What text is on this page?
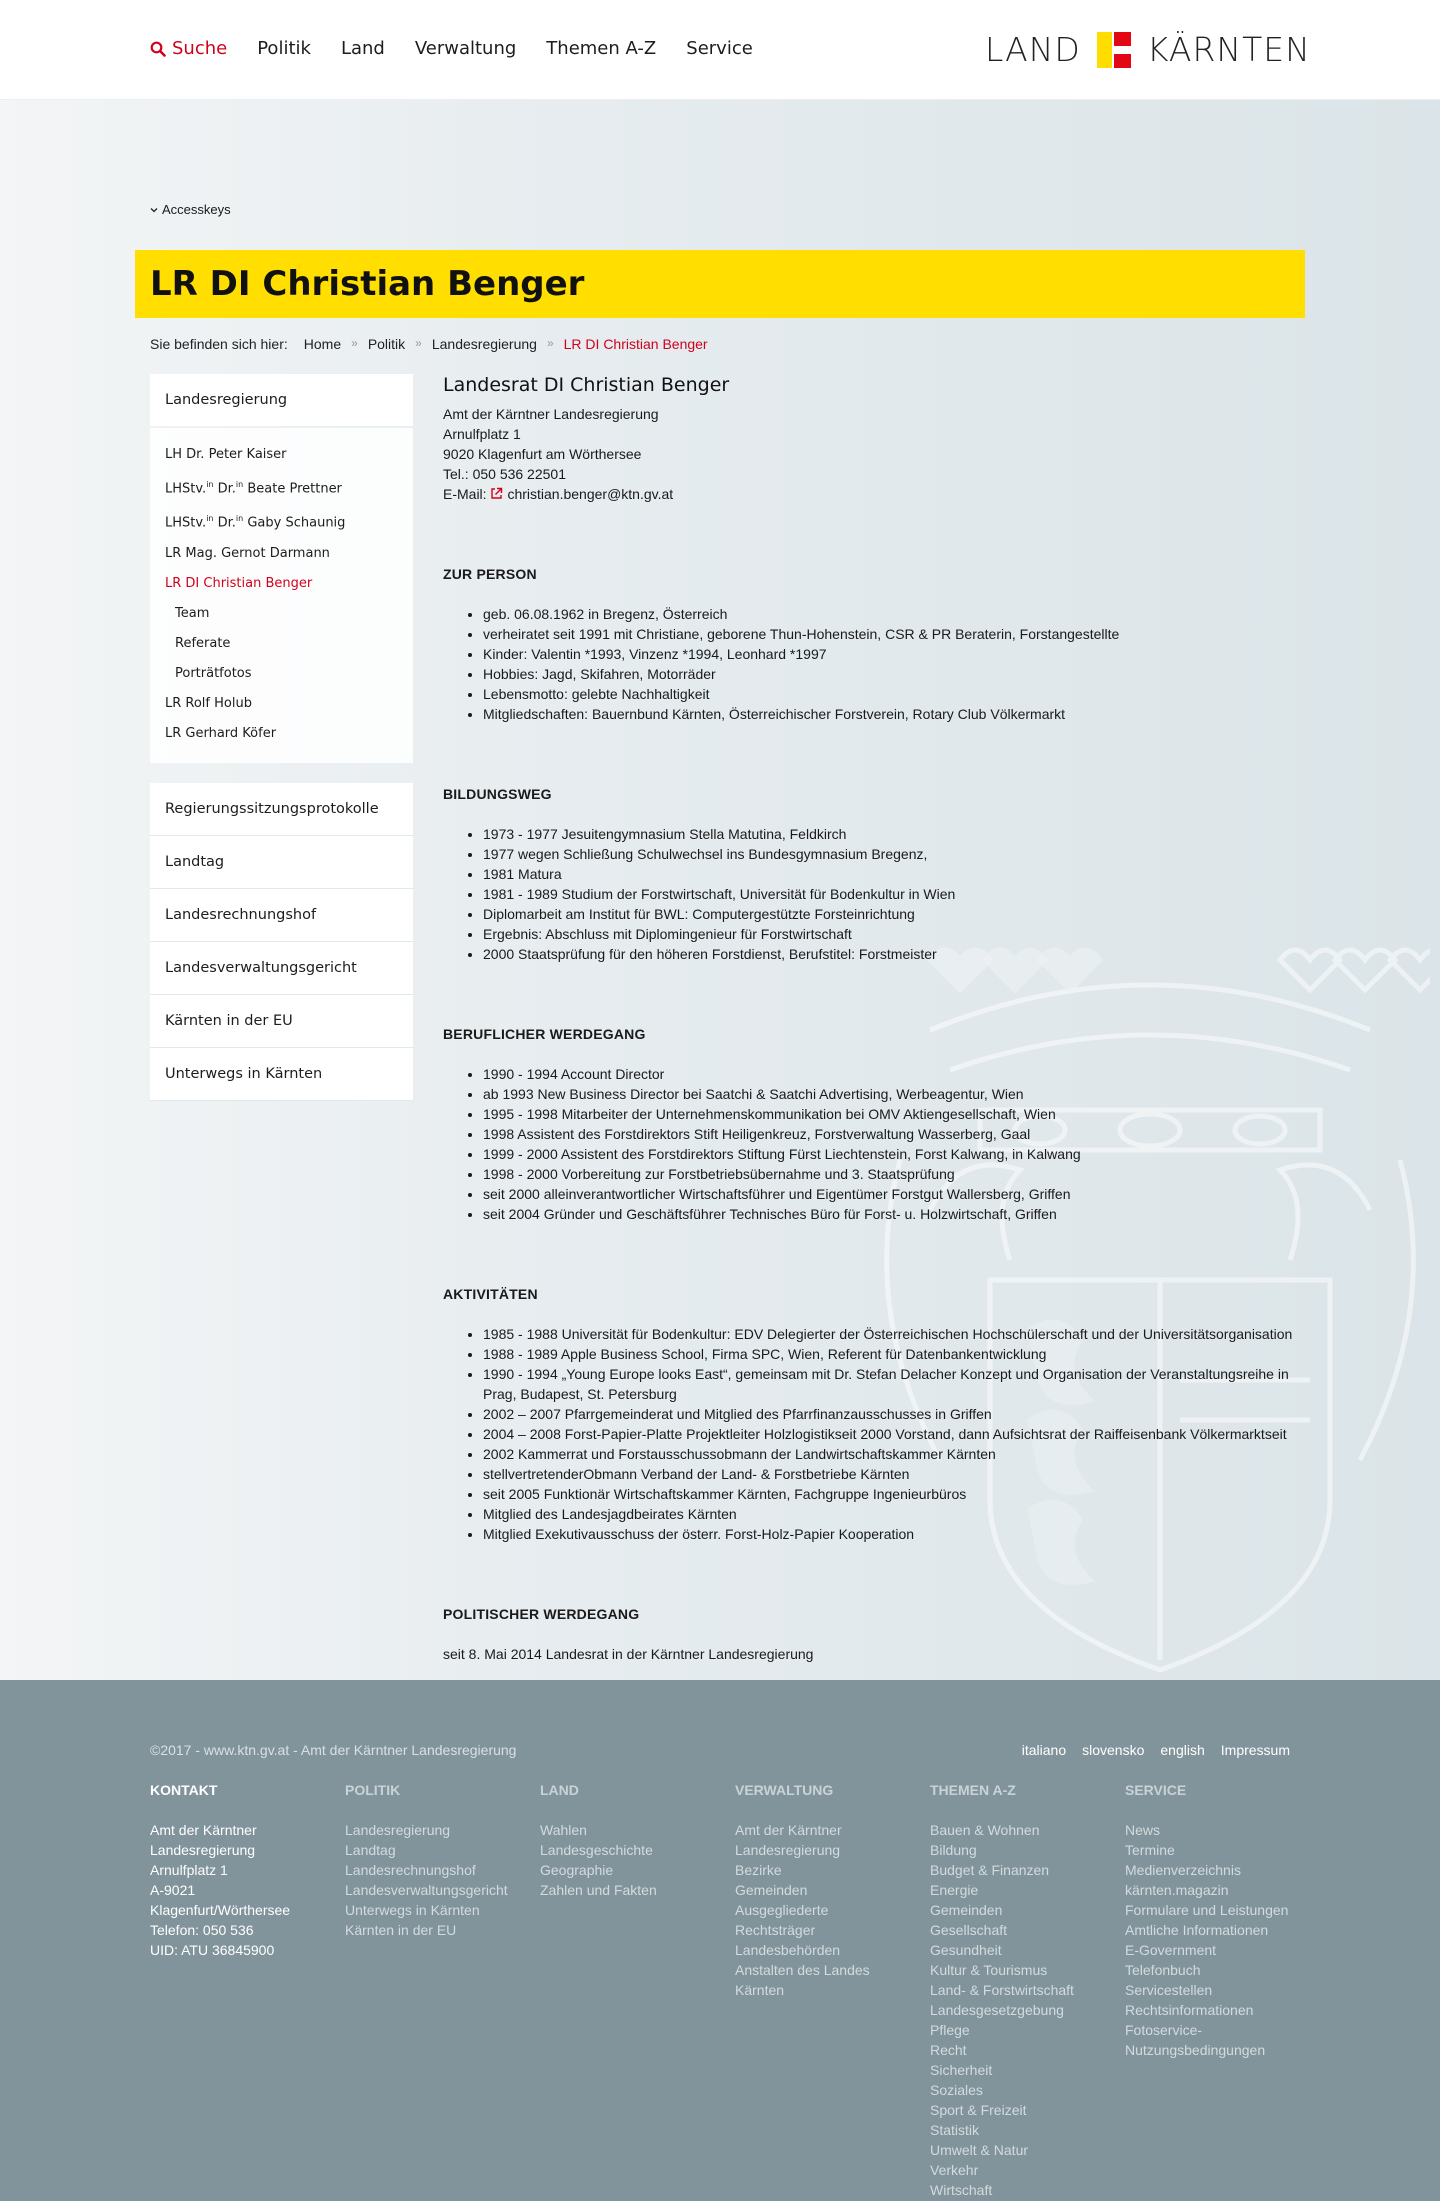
Suche Politik Land Verwaltung Themen A-Z Service	LAND KÄRNTEN
Accesskeys
LR DI Christian Benger
Sie befinden sich hier: Home » Politik » Landesregierung » LR DI Christian Benger
Landesregierung
LH Dr. Peter Kaiser
LHStv.$^{in}$ Dr.$^{in}$ Beate Prettner
LHStv.$^{in}$ Dr.$^{in}$ Gaby Schaunig
LR Mag. Gernot Darmann
LR DI Christian Benger
Team
Referate
Porträtfotos
LR Rolf Holub
LR Gerhard Köfer
Regierungssitzungsprotokolle
Landtag
Landesrechnungshof
Landesverwaltungsgericht
Kärnten in der EU
Unterwegs in Kärnten
Landesrat DI Christian Benger

Amt der Kärntner Landesregierung

Arnulfplatz 1

9020 Klagenfurt am Wörthersee

Tel.: 050 536 22501

E-Mail: christian.benger@ktn.gv.at

ZUR PERSON
• geb. 06.08.1962 in Bregenz, Österreich
• verheiratet seit 1991 mit Christiane, geborene Thun-Hohenstein, CSR & PR Beraterin, Forstangestellte
• Kinder: Valentin *1993, Vinzenz *1994, Leonhard *1997
• Hobbies: Jagd, Skifahren, Motorräder
• Lebensmotto: gelebte Nachhaltigkeit
• Mitgliedschaften: Bauernbund Kärnten, Österreichischer Forstverein, Rotary Club Völkermarkt
BILDUNGSWEG
• 1973 - 1977 Jesuitengymnasium Stella Matutina, Feldkirch
• 1977 wegen Schließung Schulwechsel ins Bundesgymnasium Bregenz,
• 1981 Matura
• 1981 - 1989 Studium der Forstwirtschaft, Universität für Bodenkultur in Wien
• Diplomarbeit am Institut für BWL: Computergestützte Forsteinrichtung
• Ergebnis: Abschluss mit Diplomingenieur für Forstwirtschaft
• 2000 Staatsprüfung für den höheren Forstdienst, Berufstitel: Forstmeister
BERUFLICHER WERDEGANG
• 1990 - 1994 Account Director
• ab 1993 New Business Director bei Saatchi & Saatchi Advertising, Werbeagentur, Wien
• 1995 - 1998 Mitarbeiter der Unternehmenskommunikation bei OMV Aktiengesellschaft, Wien
• 1998 Assistent des Forstdirektors Stift Heiligenkreuz, Forstverwaltung Wasserberg, Gaal
• 1999 - 2000 Assistent des Forstdirektors Stiftung Fürst Liechtenstein, Forst Kalwang, in Kalwang
• 1998 - 2000 Vorbereitung zur Forstbetriebsübernahme und 3. Staatsprüfung
• seit 2000 alleinverantwortlicher Wirtschaftsführer und Eigentümer Forstgut Wallersberg, Griffen
• seit 2004 Gründer und Geschäftsführer Technisches Büro für Forst- u. Holzwirtschaft, Griffen
AKTIVITÄTEN
• 1985 - 1988 Universität für Bodenkultur: EDV Delegierter der Österreichischen Hochschülerschaft und der Universitätsorganisation
• 1988 - 1989 Apple Business School, Firma SPC, Wien, Referent für Datenbankentwicklung
• 1990 - 1994 „Young Europe looks East“, gemeinsam mit Dr. Stefan Delacher Konzept und Organisation der Veranstaltungsreihe in Prag, Budapest, St. Petersburg
• 2002 – 2007 Pfarrgemeinderat und Mitglied des Pfarrfinanzausschusses in Griffen
• 2004 – 2008 Forst-Papier-Platte Projektleiter Holzlogistikseit 2000 Vorstand, dann Aufsichtsrat der Raiffeisenbank Völkermarktseit
• 2002 Kammerrat und Forstausschussobmann der Landwirtschaftskammer Kärnten
• stellvertretenderObmann Verband der Land- & Forstbetriebe Kärnten
• seit 2005 Funktionär Wirtschaftskammer Kärnten, Fachgruppe Ingenieurbüros
• Mitglied des Landesjagdbeirates Kärnten
• Mitglied Exekutivausschuss der österr. Forst-Holz-Papier Kooperation
POLITISCHER WERDEGANG

seit 8. Mai 2014 Landesrat in der Kärntner Landesregierung

©2017 - www.ktn.gv.at - Amt der Kärntner Landesregierung	italiano slovensko english Impressum
KONTAKT
Amt der Kärntner
Landesregierung
Arnulfplatz 1
A-9021
Klagenfurt/Wörthersee
Telefon: 050 536
UID: ATU 36845900
POLITIK
Landesregierung
Landtag
Landesrechnungshof
Landesverwaltungsgericht
Unterwegs in Kärnten
Kärnten in der EU
LAND
Wahlen
Landesgeschichte
Geographie
Zahlen und Fakten
VERWALTUNG
Amt der Kärntner
Landesregierung
Bezirke
Gemeinden
Ausgegliederte
Rechtsträger
Landesbehörden
Anstalten des Landes
Kärnten
THEMEN A-Z
Bauen & Wohnen
Bildung
Budget & Finanzen
Energie
Gemeinden
Gesellschaft
Gesundheit
Kultur & Tourismus
Land- & Forstwirtschaft
Landesgesetzgebung
Pflege
Recht
Sicherheit
Soziales
Sport & Freizeit
Statistik
Umwelt & Natur
Verkehr
Wirtschaft
SERVICE
News
Termine
Medienverzeichnis
kärnten.magazin
Formulare und Leistungen
Amtliche Informationen
E-Government
Telefonbuch
Servicestellen
Rechtsinformationen
Fotoservice-
Nutzungsbedingungen
